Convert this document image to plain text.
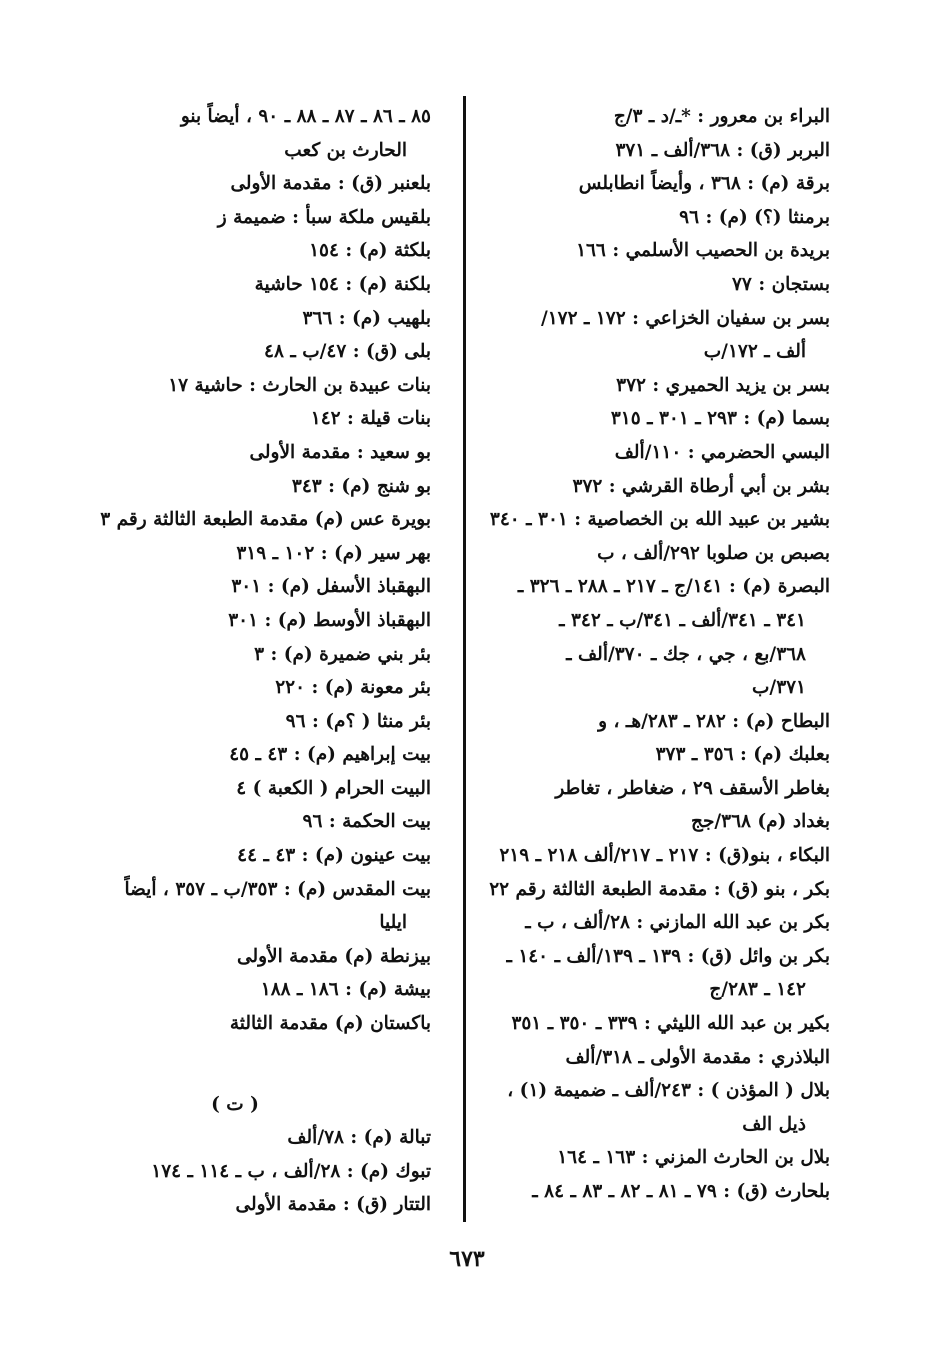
البراء بن معرور : *ـ/د ـ ٣/ج
البربر (ق) : ٣٦٨/ألف ـ ٣٧١
برقة (م) : ٣٦٨ ، وأيضاً انطابلس
برمنثا (؟) (م) : ٩٦
بريدة بن الحصيب الأسلمي : ١٦٦
بستجان : ٧٧
بسر بن سفيان الخزاعي : ١٧٢ ـ ١٧٢/
ألف ـ ١٧٢/ب
بسر بن يزيد الحميري : ٣٧٢
بسما (م) : ٢٩٣ ـ ٣٠١ ـ ٣١٥
البسي الحضرمي : ١١٠/ألف
بشر بن أبي أرطاة القرشي : ٣٧٢
بشير بن عبيد الله بن الخصاصية : ٣٠١ ـ ٣٤٠
بصبص بن صلوبا ٢٩٢/ألف ، ب
البصرة (م) : ١٤١/ج ـ ٢١٧ ـ ٢٨٨ ـ ٣٢٦ ـ
٣٤١ ـ ٣٤١/ألف ـ ٣٤١/ب ـ ٣٤٢ ـ
٣٦٨/بع ، جي ، جك ـ ٣٧٠/ألف ـ
٣٧١/ب
البطاح (م) : ٢٨٢ ـ ٢٨٣/هـ ، و
بعلبك (م) : ٣٥٦ ـ ٣٧٣
بغاطر الأسقف ٢٩ ، ضغاطر ، تغاطر
بغداد (م) ٣٦٨/جج
البكاء ، بنو(ق) : ٢١٧ ـ ٢١٧/ألف ٢١٨ ـ ٢١٩
بكر ، بنو (ق) : مقدمة الطبعة الثالثة رقم ٢٢
بكر بن عبد الله المازني : ٢٨/ألف ، ب ـ
بكر بن وائل (ق) : ١٣٩ ـ ١٣٩/ألف ـ ١٤٠ ـ
١٤٢ ـ ٢٨٣/ج
بكير بن عبد الله الليثي : ٣٣٩ ـ ٣٥٠ ـ ٣٥١
البلاذري : مقدمة الأولى ـ ٣١٨/ألف
بلال ( المؤذن ) : ٢٤٣/ألف ـ ضميمة (١) ،
ذيل الف
بلال بن الحارث المزني : ١٦٣ ـ ١٦٤
بلحارث (ق) : ٧٩ ـ ٨١ ـ ٨٢ ـ ٨٣ ـ ٨٤ ـ
٨٥ ـ ٨٦ ـ ٨٧ ـ ٨٨ ـ ٩٠ ، أيضاً بنو
الحارث بن كعب
بلعنبر (ق) : مقدمة الأولى
بلقيس ملكة سبأ : ضميمة ز
بلكثة (م) : ١٥٤
بلكنة (م) : ١٥٤ حاشية
بلهيب (م) : ٣٦٦
بلى (ق) : ٤٧/ب ـ ٤٨
بنات عبيدة بن الحارث : حاشية ١٧
بنات قيلة : ١٤٢
بو سعيد : مقدمة الأولى
بو شنج (م) : ٣٤٣
بويرة عس (م) مقدمة الطبعة الثالثة رقم ٣
بهر سير (م) : ١٠٢ ـ ٣١٩
البهقباذ الأسفل (م) : ٣٠١
البهقباذ الأوسط (م) : ٣٠١
بئر بني ضميرة (م) : ٣
بئر معونة (م) : ٢٢٠
بئر منثا ( ؟م) : ٩٦
بيت إبراهيم (م) : ٤٣ ـ ٤٥
البيت الحرام ( الكعبة ) ٤
بيت الحكمة : ٩٦
بيت عينون (م) : ٤٣ ـ ٤٤
بيت المقدس (م) : ٣٥٣/ب ـ ٣٥٧ ، أيضاً
ايليا
بيزنطة (م) مقدمة الأولى
بيشة (م) : ١٨٦ ـ ١٨٨
باكستان (م) مقدمة الثالثة
( ت )
تبالة (م) : ٧٨/ألف
تبوك (م) : ٢٨/ألف ، ب ـ ١١٤ ـ ١٧٤
التتار (ق) : مقدمة الأولى
٦٧٣
